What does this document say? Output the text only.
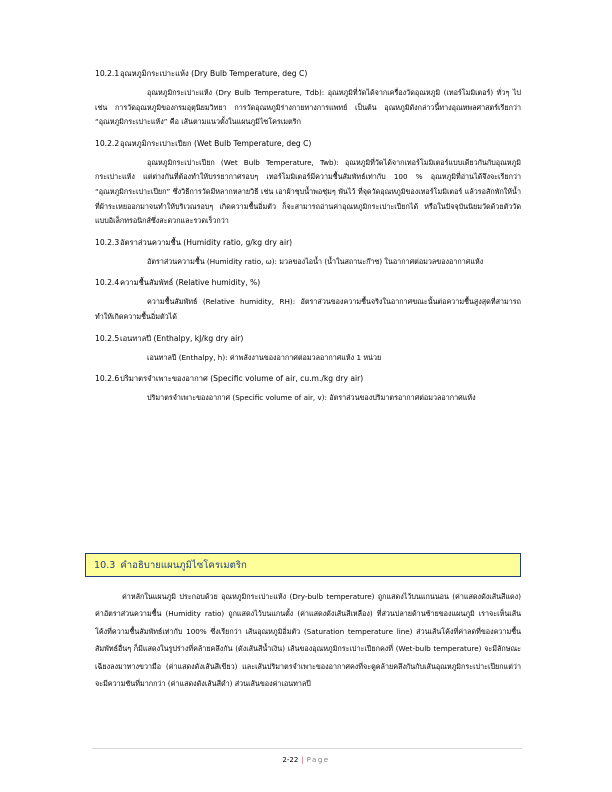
10.2.1อุณหภูมิกระเปาะแห้ง (Dry Bulb Temperature, deg C)

อุณหภูมิกระเปาะแห้ง (Dry Bulb Temperature, Tdb): อุณหภูมิที่วัดได้จากเครื่องวัดอุณหภูมิ (เทอร์โมมิเตอร์) ทั่วๆ ไป เช่น การวัดอุณหภูมิของกรมอุตุนิยมวิทยา การวัดอุณหภูมิร่างกายทางการแพทย์ เป็นต้น อุณหภูมิดังกล่าวนี้ทางอุณหพลศาสตร์เรียกว่า “อุณหภูมิกระเปาะแห้ง” คือ เส้นตามแนวตั้งในแผนภูมิไซโครเมตริก

10.2.2อุณหภูมิกระเปาะเปียก (Wet Bulb Temperature, deg C)

อุณหภูมิกระเปาะเปียก (Wet Bulb Temperature, Twb): อุณหภูมิที่วัดได้จากเทอร์โมมิเตอร์แบบเดียวกันกับอุณหภูมิกระเปาะแห้ง แต่ต่างกันที่ต้องทำให้บรรยากาศรอบๆ เทอร์โมมิเตอร์มีความชื้นสัมพัทธ์เท่ากับ 100 % อุณหภูมิที่อ่านได้จึงจะเรียกว่า “อุณหภูมิกระเปาะเปียก” ซึ่งวิธีการวัดมีหลากหลายวิธี เช่น เอาผ้าชุบน้ำพอชุ่มๆ พันไว้ ที่จุดวัดอุณหภูมิของเทอร์โมมิเตอร์ แล้วรอสักพักให้น้ำที่ผ้าระเหยออกมาจนทำให้บริเวณรอบๆ เกิดความชื้นอิ่มตัว ก็จะสามารถอ่านค่าอุณหภูมิกระเปาะเปียกได้ หรือในปัจจุบันนิยมวัดด้วยตัววัดแบบอิเล็กทรอนิกส์ซึ่งสะดวกและรวดเร็วกว่า

10.2.3อัตราส่วนความชื้น (Humidity ratio, g/kg dry air)

อัตราส่วนความชื้น (Humidity ratio, ω): มวลของไอน้ำ (น้ำในสถานะก๊าซ) ในอากาศต่อมวลของอากาศแห้ง

10.2.4ความชื้นสัมพัทธ์ (Relative humidity, %)

ความชื้นสัมพัทธ์ (Relative humidity, RH): อัตราส่วนของความชื้นจริงในอากาศขณะนั้นต่อความชื้นสูงสุดที่สามารถทำให้เกิดความชื้นอิ่มตัวได้

10.2.5เอนทาลปี (Enthalpy, kJ/kg dry air)

เอนทาลปี (Enthalpy, h): ค่าพลังงานของอากาศต่อมวลอากาศแห้ง 1 หน่วย

10.2.6ปริมาตรจำเพาะของอากาศ (Specific volume of air, cu.m./kg dry air)

ปริมาตรจำเพาะของอากาศ (Specific volume of air, v): อัตราส่วนของปริมาตรอากาศต่อมวลอากาศแห้ง

10.3 คำอธิบายแผนภูมิไซโครเมตริก

ค่าหลักในแผนภูมิ ประกอบด้วย อุณหภูมิกระเปาะแห้ง (Dry-bulb temperature) ถูกแสดงไว้บนแกนนอน (ค่าแสดงดังเส้นสีแดง) ค่าอัตราส่วนความชื้น (Humidity ratio) ถูกแสดงไว้บนแกนตั้ง (ค่าแสดงดังเส้นสีเหลือง) ที่ส่วนปลายด้านซ้ายของแผนภูมิ เราจะเห็นเส้นโค้งที่ความชื้นสัมพัทธ์เท่ากับ 100% ซึ่งเรียกว่า เส้นอุณหภูมิอิ่มตัว (Saturation temperature line) ส่วนเส้นโค้งที่ค่าลดที่ของความชื้นสัมพัทธ์อื่นๆ ก็มีแสดงในรูปร่างที่คล้ายคลึงกัน (ดังเส้นสีน้ำเงิน) เส้นของอุณหภูมิกระเปาะเปียกคงที่ (Wet-bulb temperature) จะมีลักษณะเฉียงลงมาทางขวามือ (ค่าแสดงดังเส้นสีเขียว) และเส้นปริมาตรจำเพาะของอากาศคงที่จะดูคล้ายคลึงกันกับเส้นอุณหภูมิกระเปาะเปียกแต่ว่าจะมีความชันที่มากกว่า (ค่าแสดงดังเส้นสีดำ) ส่วนเส้นของค่าเอนทาลปี

2-22 | Page
